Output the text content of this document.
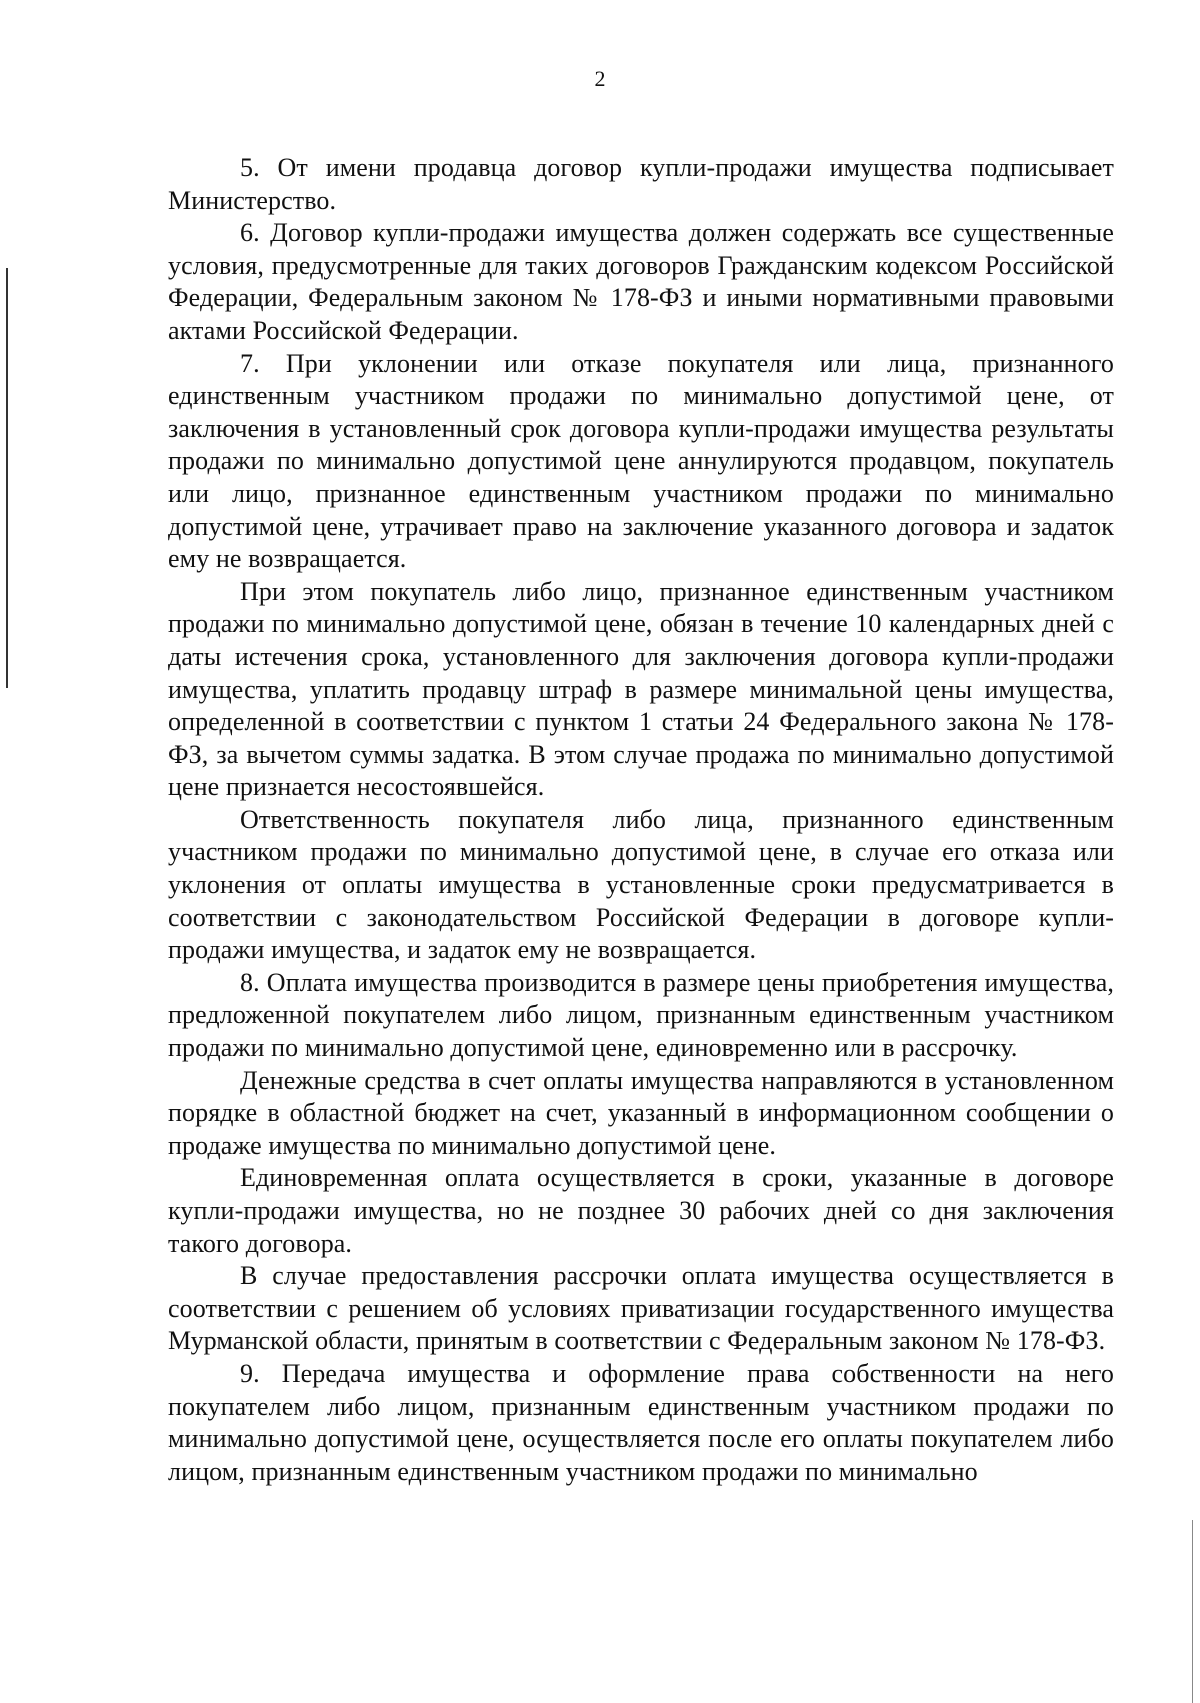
2

5. От имени продавца договор купли-продажи имущества подписывает Министерство.

6. Договор купли-продажи имущества должен содержать все существенные условия, предусмотренные для таких договоров Гражданским кодексом Российской Федерации, Федеральным законом № 178-ФЗ и иными нормативными правовыми актами Российской Федерации.

7. При уклонении или отказе покупателя или лица, признанного единственным участником продажи по минимально допустимой цене, от заключения в установленный срок договора купли-продажи имущества результаты продажи по минимально допустимой цене аннулируются продавцом, покупатель или лицо, признанное единственным участником продажи по минимально допустимой цене, утрачивает право на заключение указанного договора и задаток ему не возвращается.

При этом покупатель либо лицо, признанное единственным участником продажи по минимально допустимой цене, обязан в течение 10 календарных дней с даты истечения срока, установленного для заключения договора купли-продажи имущества, уплатить продавцу штраф в размере минимальной цены имущества, определенной в соответствии с пунктом 1 статьи 24 Федерального закона № 178-ФЗ, за вычетом суммы задатка. В этом случае продажа по минимально допустимой цене признается несостоявшейся.

Ответственность покупателя либо лица, признанного единственным участником продажи по минимально допустимой цене, в случае его отказа или уклонения от оплаты имущества в установленные сроки предусматривается в соответствии с законодательством Российской Федерации в договоре купли-продажи имущества, и задаток ему не возвращается.

8. Оплата имущества производится в размере цены приобретения имущества, предложенной покупателем либо лицом, признанным единственным участником продажи по минимально допустимой цене, единовременно или в рассрочку.

Денежные средства в счет оплаты имущества направляются в установленном порядке в областной бюджет на счет, указанный в информационном сообщении о продаже имущества по минимально допустимой цене.

Единовременная оплата осуществляется в сроки, указанные в договоре купли-продажи имущества, но не позднее 30 рабочих дней со дня заключения такого договора.

В случае предоставления рассрочки оплата имущества осуществляется в соответствии с решением об условиях приватизации государственного имущества Мурманской области, принятым в соответствии с Федеральным законом № 178-ФЗ.

9. Передача имущества и оформление права собственности на него покупателем либо лицом, признанным единственным участником продажи по минимально допустимой цене, осуществляется после его оплаты покупателем либо лицом, признанным единственным участником продажи по минимально
